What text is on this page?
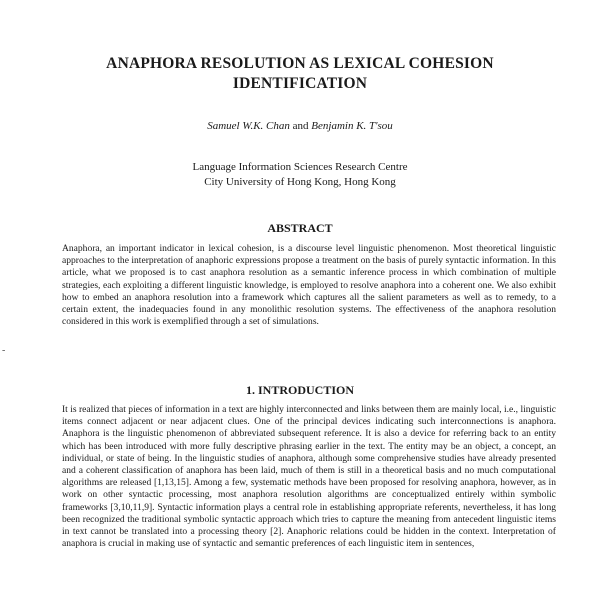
ANAPHORA RESOLUTION AS LEXICAL COHESION IDENTIFICATION
Samuel W.K. Chan and Benjamin K. T'sou
Language Information Sciences Research Centre
City University of Hong Kong, Hong Kong
ABSTRACT

Anaphora, an important indicator in lexical cohesion, is a discourse level linguistic phenomenon. Most theoretical linguistic approaches to the interpretation of anaphoric expressions propose a treatment on the basis of purely syntactic information. In this article, what we proposed is to cast anaphora resolution as a semantic inference process in which combination of multiple strategies, each exploiting a different linguistic knowledge, is employed to resolve anaphora into a coherent one. We also exhibit how to embed an anaphora resolution into a framework which captures all the salient parameters as well as to remedy, to a certain extent, the inadequacies found in any monolithic resolution systems. The effectiveness of the anaphora resolution considered in this work is exemplified through a set of simulations.

1. INTRODUCTION

It is realized that pieces of information in a text are highly interconnected and links between them are mainly local, i.e., linguistic items connect adjacent or near adjacent clues. One of the principal devices indicating such interconnections is anaphora. Anaphora is the linguistic phenomenon of abbreviated subsequent reference. It is also a device for referring back to an entity which has been introduced with more fully descriptive phrasing earlier in the text. The entity may be an object, a concept, an individual, or state of being. In the linguistic studies of anaphora, although some comprehensive studies have already presented and a coherent classification of anaphora has been laid, much of them is still in a theoretical basis and no much computational algorithms are released [1,13,15]. Among a few, systematic methods have been proposed for resolving anaphora, however, as in work on other syntactic processing, most anaphora resolution algorithms are conceptualized entirely within symbolic frameworks [3,10,11,9]. Syntactic information plays a central role in establishing appropriate referents, nevertheless, it has long been recognized the traditional symbolic syntactic approach which tries to capture the meaning from antecedent linguistic items in text cannot be translated into a processing theory [2]. Anaphoric relations could be hidden in the context. Interpretation of anaphora is crucial in making use of syntactic and semantic preferences of each linguistic item in sentences,

-
